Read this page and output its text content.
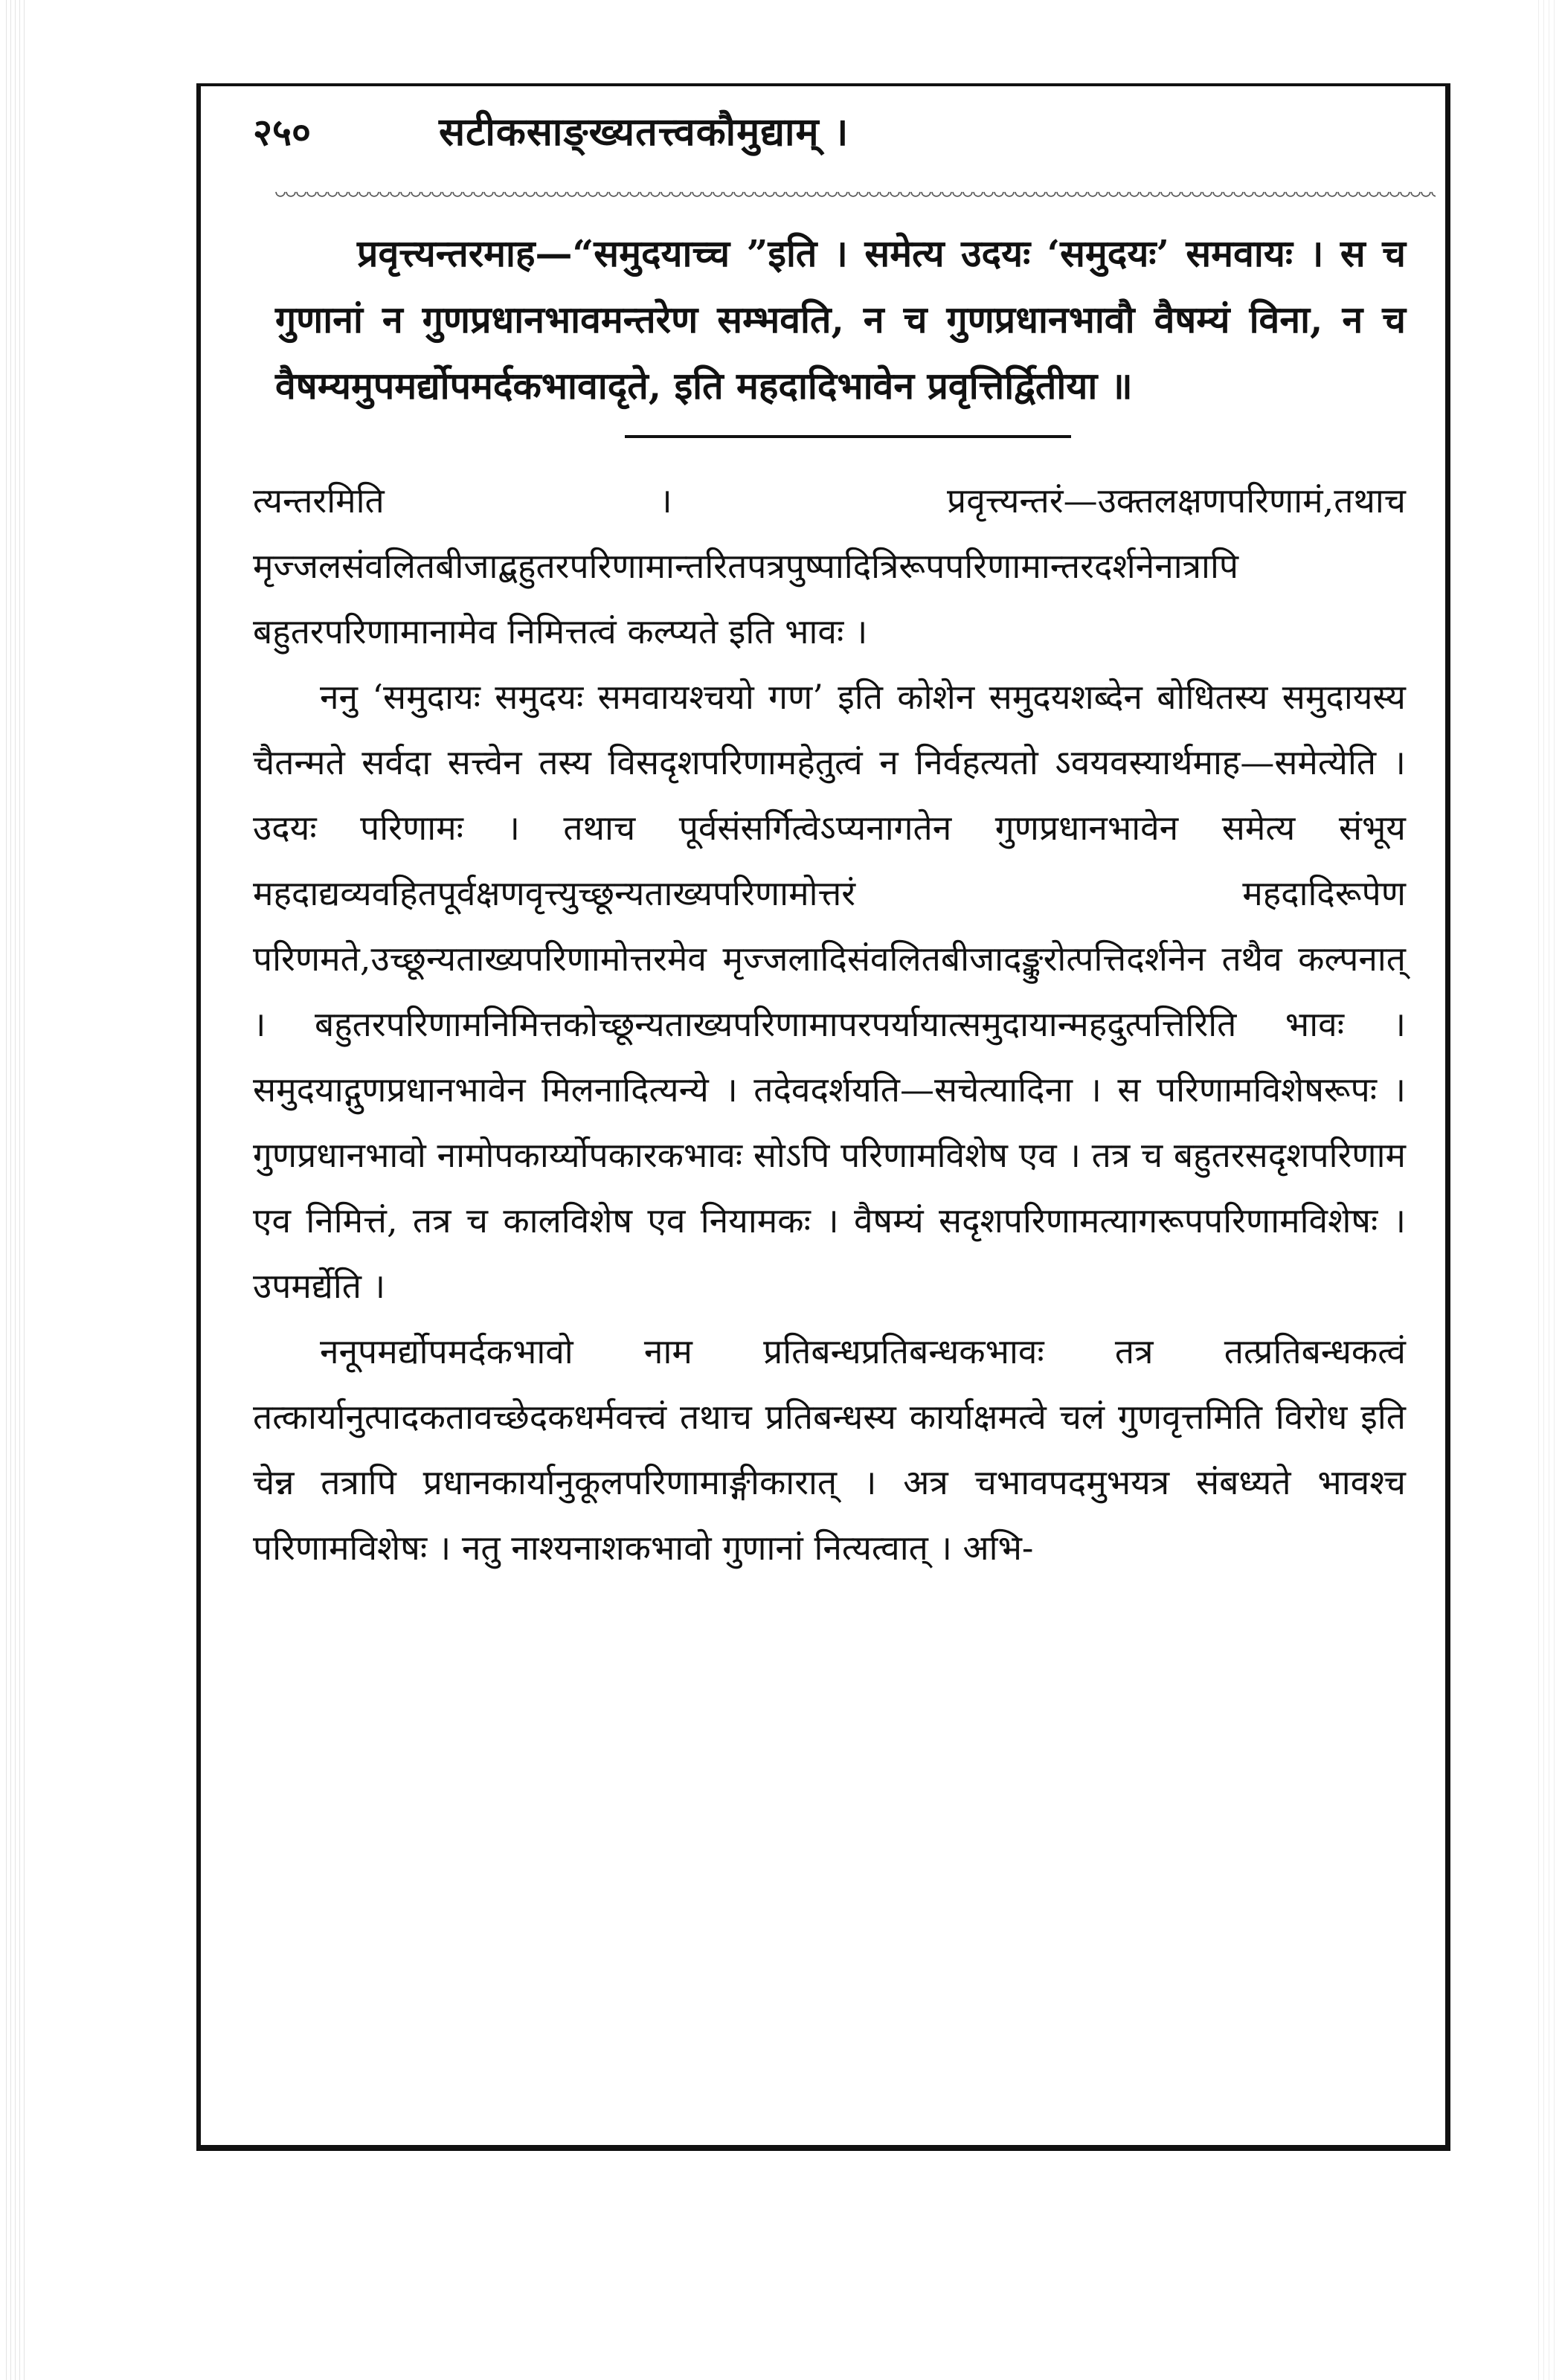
२५०	सटीकसाङ्ख्यतत्त्वकौमुद्याम् ।
प्रवृत्त्यन्तरमाह—“समुदयाच्च ”इति । समेत्य उदयः ‘समुदयः’ समवायः । स च गुणानां न गुणप्रधानभावमन्तरेण सम्भवति, न च गुणप्रधानभावौ वैषम्यं विना, न च वैषम्यमुपमर्द्योपमर्दकभावादृते, इति महदादिभावेन प्रवृत्तिर्द्वितीया ॥

त्यन्तरमिति । प्रवृत्त्यन्तरं—उक्तलक्षणपरिणामं,तथाच मृज्जलसंवलितबीजाद्बहुतरपरिणामान्तरितपत्रपुष्पादित्रिरूपपरिणामान्तरदर्शनेनात्रापि बहुतरपरिणामानामेव निमित्तत्वं कल्प्यते इति भावः ।

ननु ‘समुदायः समुदयः समवायश्चयो गण’ इति कोशेन समुदयशब्देन बोधितस्य समुदायस्य चैतन्मते सर्वदा सत्त्वेन तस्य विसदृशपरिणामहेतुत्वं न निर्वहत्यतो ऽवयवस्यार्थमाह—समेत्येति । उदयः परिणामः । तथाच पूर्वसंसर्गित्वेऽप्यनागतेन गुणप्रधानभावेन समेत्य संभूय महदाद्यव्यवहितपूर्वक्षणवृत्त्युच्छून्यताख्यपरिणामोत्तरं महदादिरूपेण परिणमते,उच्छून्यताख्यपरिणामोत्तरमेव मृज्जलादिसंवलितबीजादङ्कुरोत्पत्तिदर्शनेन तथैव कल्पनात् । बहुतरपरिणामनिमित्तकोच्छून्यताख्यपरिणामापरपर्यायात्समुदायान्महदुत्पत्तिरिति भावः । समुदयाद्गुणप्रधानभावेन मिलनादित्यन्ये । तदेवदर्शयति—सचेत्यादिना । स परिणामविशेषरूपः । गुणप्रधानभावो नामोपकार्य्योपकारकभावः सोऽपि परिणामविशेष एव । तत्र च बहुतरसदृशपरिणाम एव निमित्तं, तत्र च कालविशेष एव नियामकः । वैषम्यं सदृशपरिणामत्यागरूपपरिणामविशेषः । उपमर्द्येति ।

ननूपमर्द्योपमर्दकभावो नाम प्रतिबन्धप्रतिबन्धकभावः तत्र तत्प्रतिबन्धकत्वं तत्कार्यानुत्पादकतावच्छेदकधर्मवत्त्वं तथाच प्रतिबन्धस्य कार्याक्षमत्वे चलं गुणवृत्तमिति विरोध इति चेन्न तत्रापि प्रधानकार्यानुकूलपरिणामाङ्गीकारात् । अत्र चभावपदमुभयत्र संबध्यते भावश्च परिणामविशेषः । नतु नाश्यनाशकभावो गुणानां नित्यत्वात् । अभि-
